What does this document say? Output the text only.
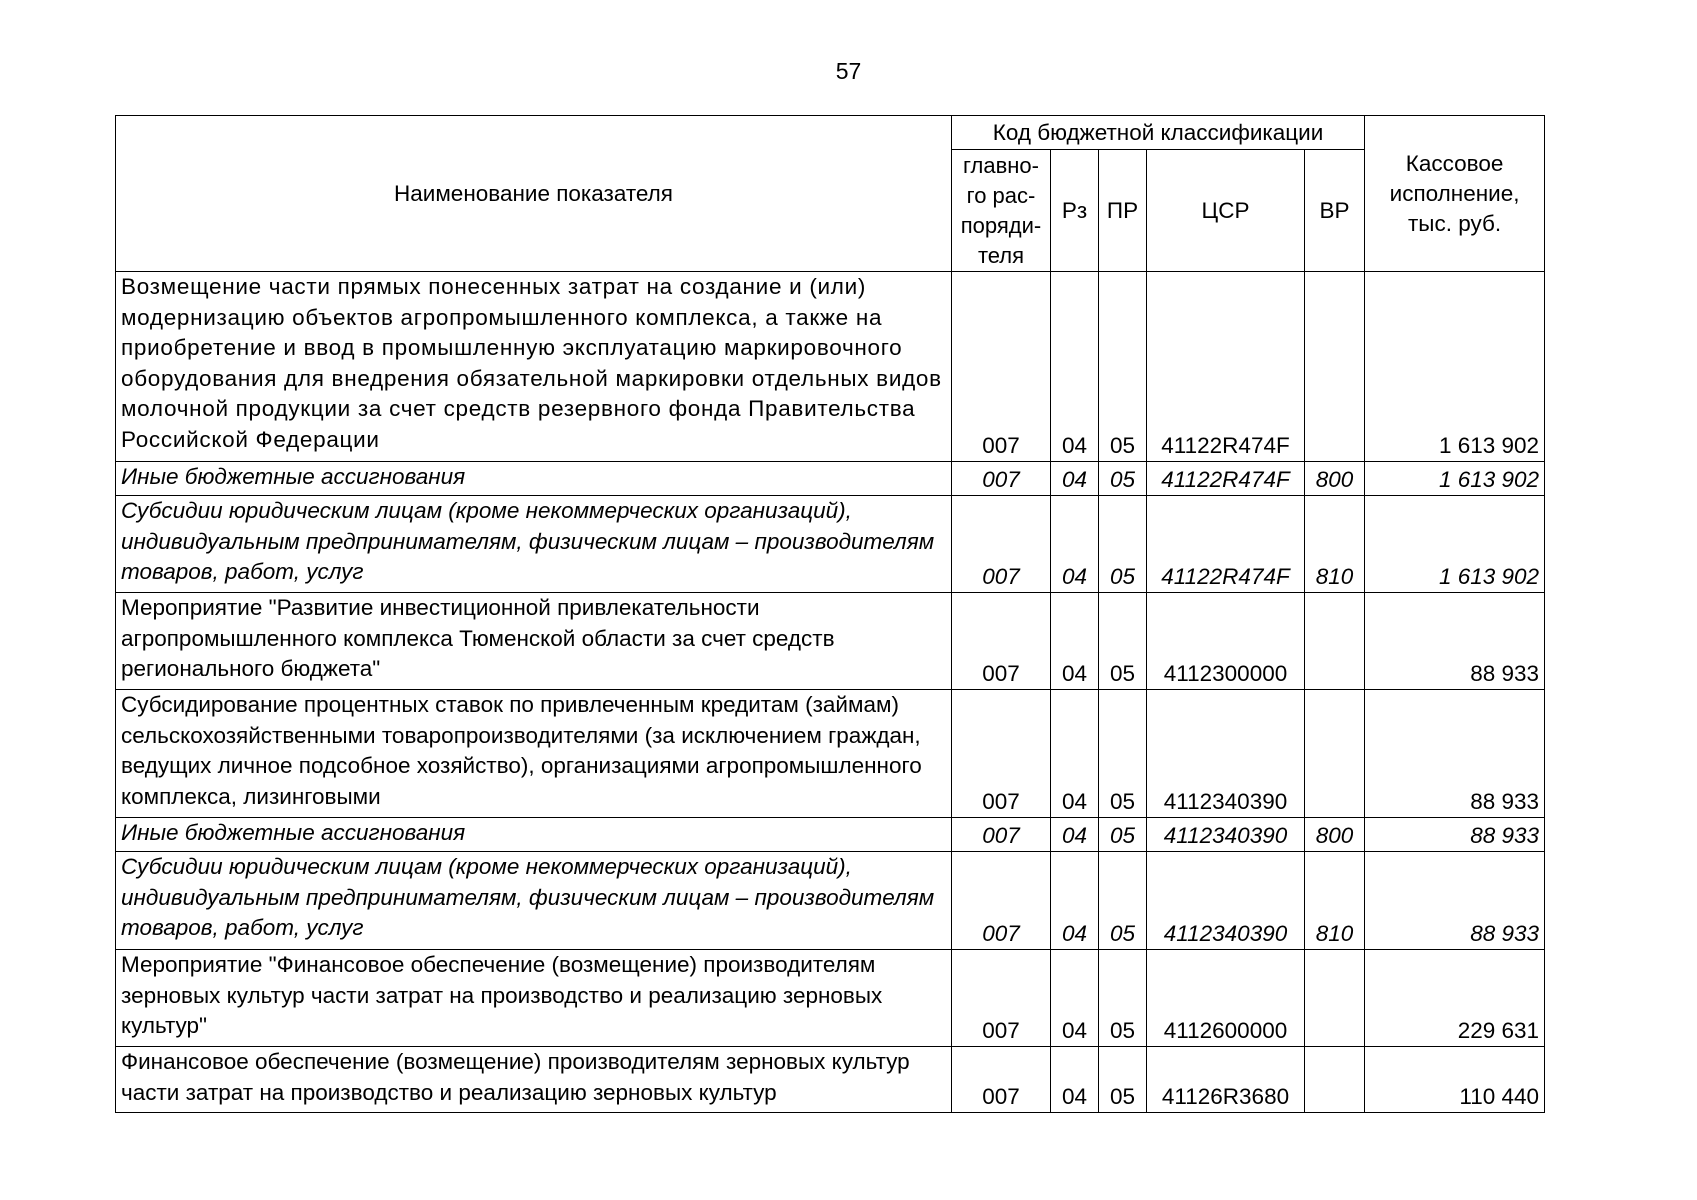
57
Наименование показателя	Код бюджетной классификации					Кассовое
исполнение,
тыс. руб.

	главно-
го рас-
поряди-
теля	Рз	ПР	ЦСР	ВР	
Возмещение части прямых понесенных затрат на создание и (или) модернизацию объектов агропромышленного комплекса, а также на приобретение и ввод в промышленную эксплуатацию маркировочного оборудования для внедрения обязательной маркировки отдельных видов молочной продукции за счет средств резервного фонда Правительства Российской Федерации	007	04	05	41122R474F		1 613 902
Иные бюджетные ассигнования	007	04	05	41122R474F	800	1 613 902
Субсидии юридическим лицам (кроме некоммерческих организаций), индивидуальным предпринимателям, физическим лицам – производителям товаров, работ, услуг	007	04	05	41122R474F	810	1 613 902
Мероприятие "Развитие инвестиционной привлекательности агропромышленного комплекса Тюменской области за счет средств регионального бюджета"	007	04	05	4112300000		88 933
Субсидирование процентных ставок по привлеченным кредитам (займам) сельскохозяйственными товаропроизводителями (за исключением граждан, ведущих личное подсобное хозяйство), организациями агропромышленного комплекса, лизинговыми	007	04	05	4112340390		88 933
Иные бюджетные ассигнования	007	04	05	4112340390	800	88 933
Субсидии юридическим лицам (кроме некоммерческих организаций), индивидуальным предпринимателям, физическим лицам – производителям товаров, работ, услуг	007	04	05	4112340390	810	88 933
Мероприятие "Финансовое обеспечение (возмещение) производителям зерновых культур части затрат на производство и реализацию зерновых культур"	007	04	05	4112600000		229 631
Финансовое обеспечение (возмещение) производителям зерновых культур части затрат на производство и реализацию зерновых культур	007	04	05	41126R3680		110 440
